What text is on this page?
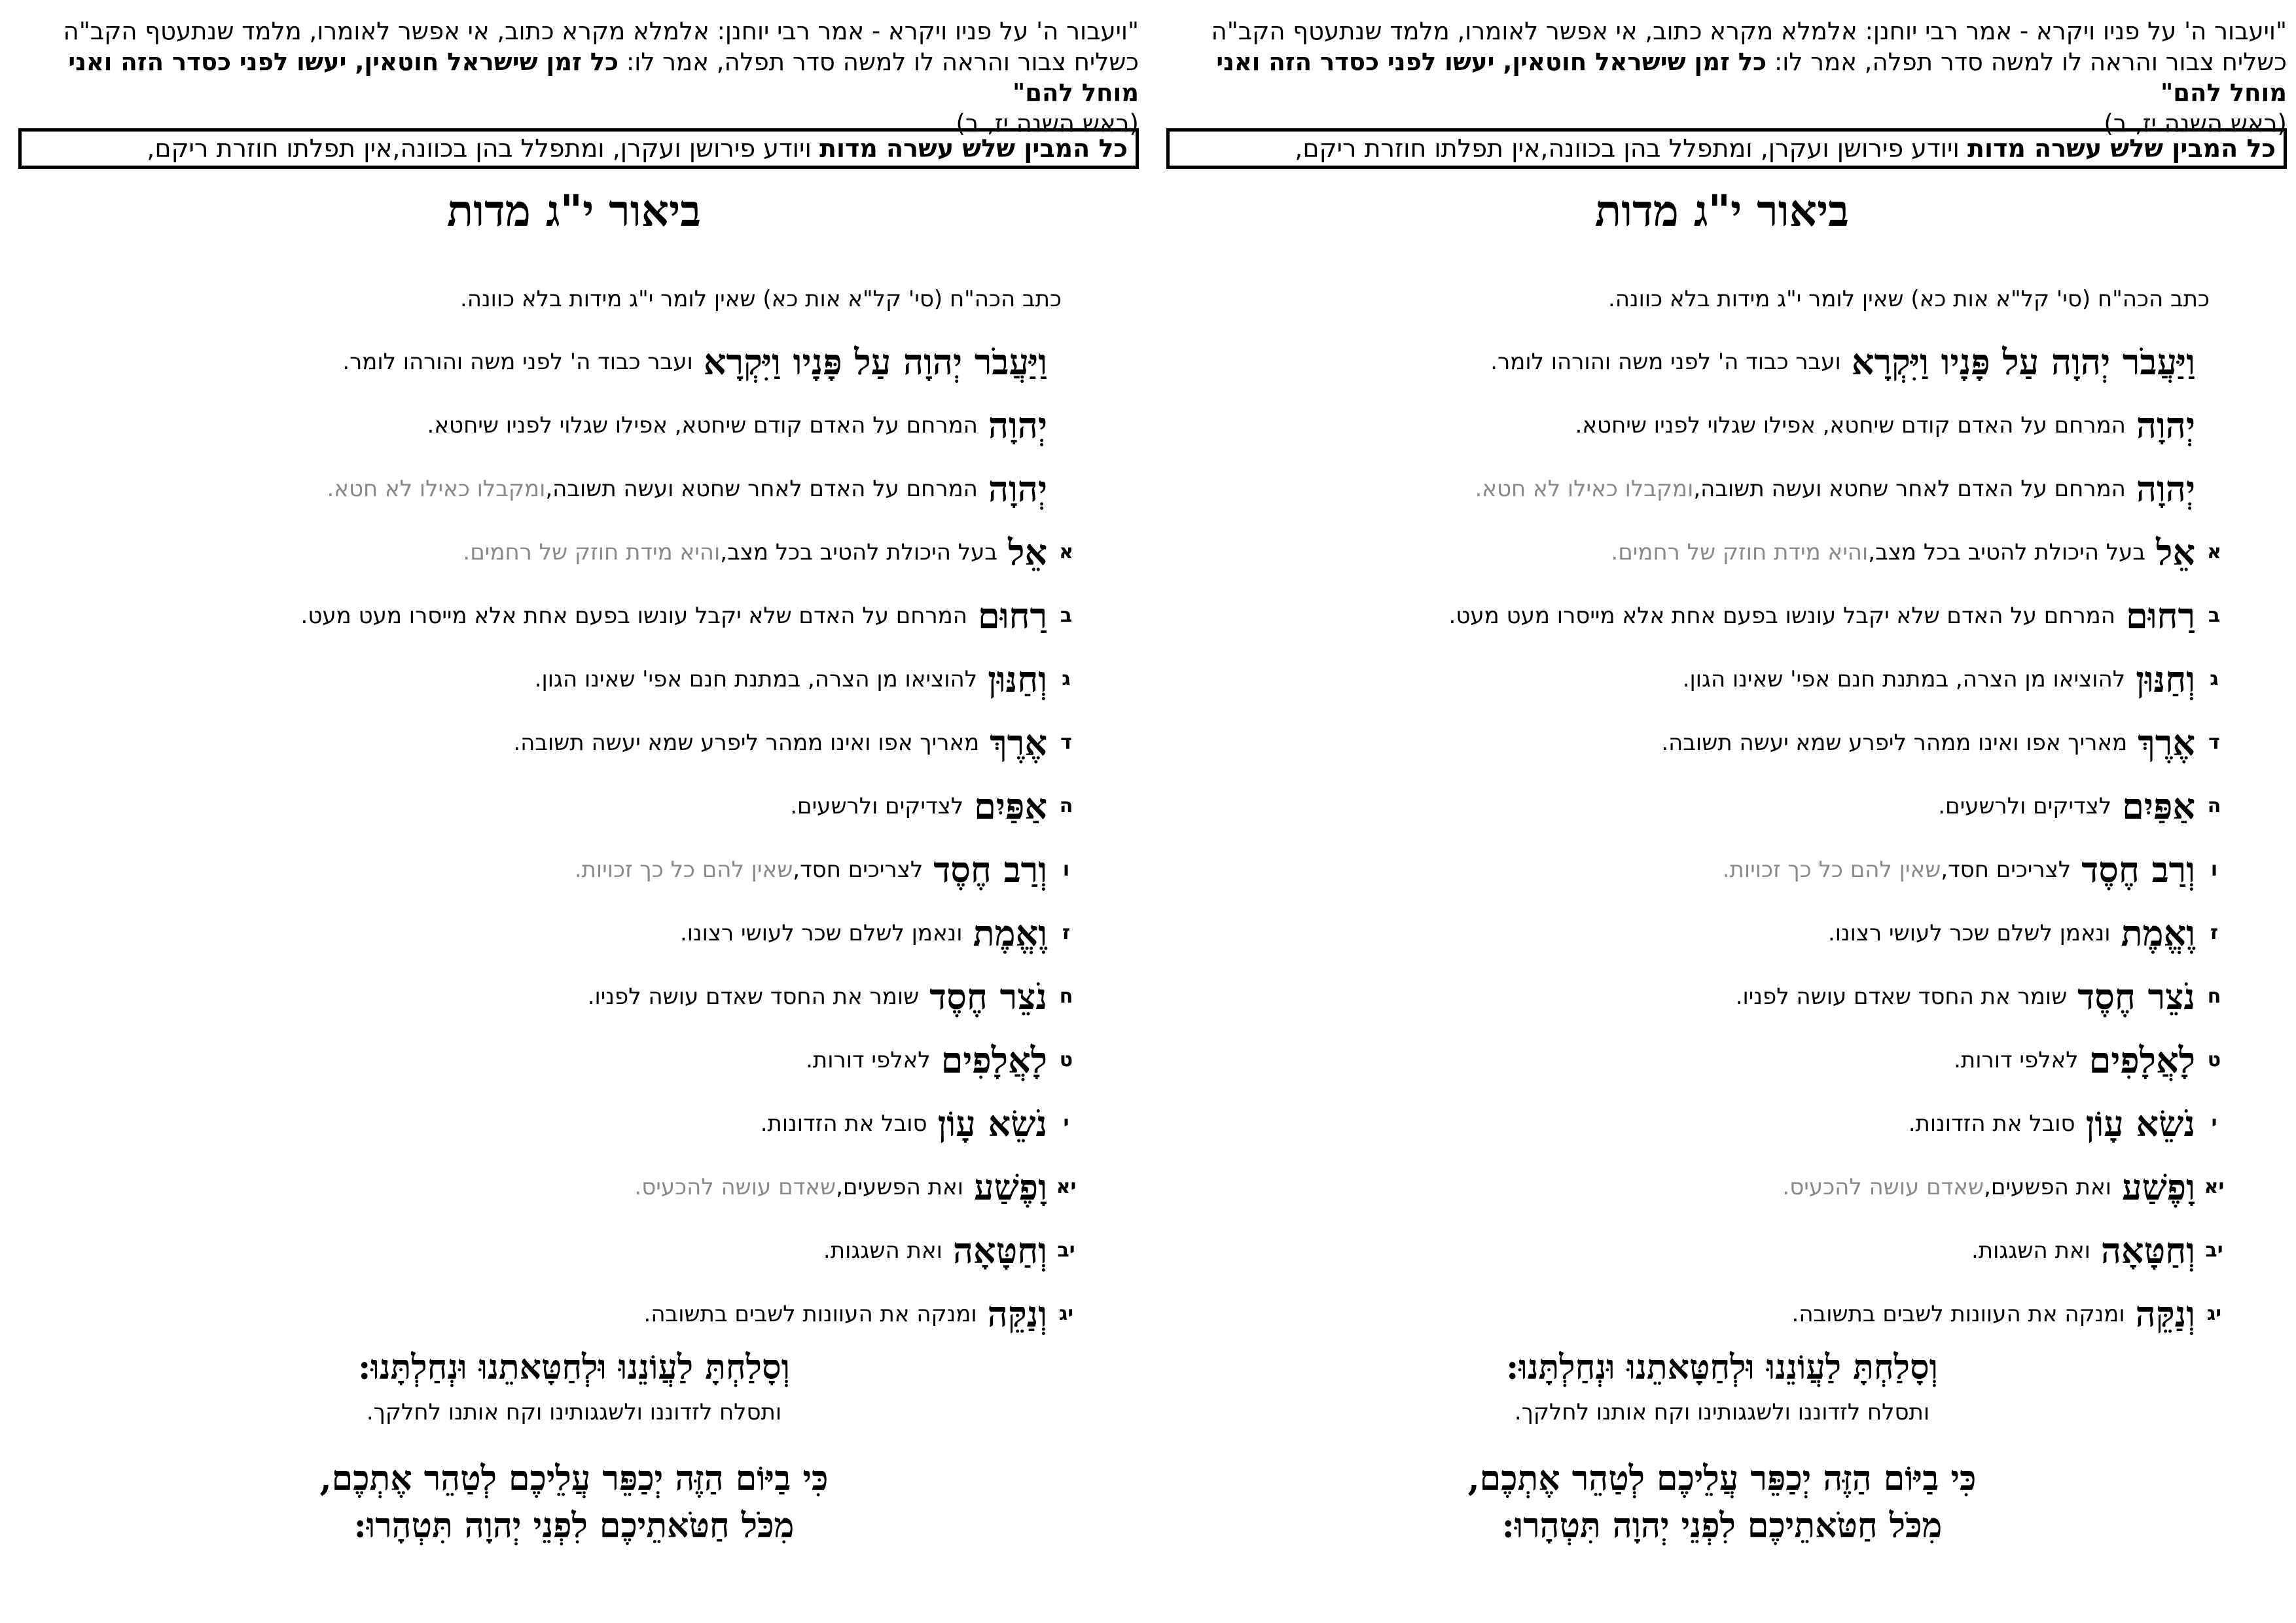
"ויעבור ה' על פניו ויקרא - אמר רבי יוחנן: אלמלא מקרא כתוב, אי אפשר לאומרו, מלמד שנתעטף הקב"ה כשליח צבור והראה לו למשה סדר תפלה, אמר לו: כל זמן שישראל חוטאין, יעשו לפני כסדר הזה ואני מוחל להם"
(ראש השנה יז, ב)
כל המבין שלש עשרה מדות ויודע פירושן ועקרן, ומתפלל בהן בכוונה,אין תפלתו חוזרת ריקם,
ביאור י"ג מדות
כתב הכה"ח (סי' קל"א אות כא) שאין לומר י"ג מידות בלא כוונה.
וַיַּעֲבֹר יְהוָה עַל פָּנָיו וַיִּקְרָא
ועבר כבוד ה' לפני משה והורהו לומר.
יְהוָה
המרחם על האדם קודם שיחטא, אפילו שגלוי לפניו שיחטא.
יְהוָה
המרחם על האדם לאחר שחטא ועשה תשובה,
ומקבלו כאילו לא חטא.
א
אֵל
בעל היכולת להטיב בכל מצב,
והיא מידת חוזק של רחמים.
ב
רַחוּם
המרחם על האדם שלא יקבל עונשו בפעם אחת אלא מייסרו מעט מעט.
ג
וְחַנּוּן
להוציאו מן הצרה, במתנת חנם אפי' שאינו הגון.
ד
אֶרֶךְ
מאריך אפו ואינו ממהר ליפרע שמא יעשה תשובה.
ה
אַפַּיִם
לצדיקים ולרשעים.
ו
וְרַב חֶסֶד
לצריכים חסד,
שאין להם כל כך זכויות.
ז
וֶאֱמֶת
ונאמן לשלם שכר לעושי רצונו.
ח
נֹצֵר חֶסֶד
שומר את החסד שאדם עושה לפניו.
ט
לָאֲלָפִים
לאלפי דורות.
י
נֹשֵׂא עָוֹן
סובל את הזדונות.
יא
וָפֶשַׁע
ואת הפשעים,
שאדם עושה להכעיס.
יב
וְחַטָּאָה
ואת השגגות.
יג
וְנַקֵּה
ומנקה את העוונות לשבים בתשובה.
וְסָלַחְתָּ לַעֲוֹנֵנוּ וּלְחַטָּאתֵנוּ וּנְחַלְתָּנוּ:
ותסלח לזדוננו ולשגגותינו וקח אותנו לחלקך.
כִּי בַיּוֹם הַזֶּה יְכַפֵּר עֲלֵיכֶם לְטַהֵר אֶתְכֶם,
מִכֹּל חַטֹּאתֵיכֶם לִפְנֵי יְהוָה תִּטְהָרוּ:
"ויעבור ה' על פניו ויקרא - אמר רבי יוחנן: אלמלא מקרא כתוב, אי אפשר לאומרו, מלמד שנתעטף הקב"ה כשליח צבור והראה לו למשה סדר תפלה, אמר לו: כל זמן שישראל חוטאין, יעשו לפני כסדר הזה ואני מוחל להם"
(ראש השנה יז, ב)
כל המבין שלש עשרה מדות ויודע פירושן ועקרן, ומתפלל בהן בכוונה,אין תפלתו חוזרת ריקם,
ביאור י"ג מדות
כתב הכה"ח (סי' קל"א אות כא) שאין לומר י"ג מידות בלא כוונה.
וַיַּעֲבֹר יְהוָה עַל פָּנָיו וַיִּקְרָא
ועבר כבוד ה' לפני משה והורהו לומר.
יְהוָה
המרחם על האדם קודם שיחטא, אפילו שגלוי לפניו שיחטא.
יְהוָה
המרחם על האדם לאחר שחטא ועשה תשובה,
ומקבלו כאילו לא חטא.
א
אֵל
בעל היכולת להטיב בכל מצב,
והיא מידת חוזק של רחמים.
ב
רַחוּם
המרחם על האדם שלא יקבל עונשו בפעם אחת אלא מייסרו מעט מעט.
ג
וְחַנּוּן
להוציאו מן הצרה, במתנת חנם אפי' שאינו הגון.
ד
אֶרֶךְ
מאריך אפו ואינו ממהר ליפרע שמא יעשה תשובה.
ה
אַפַּיִם
לצדיקים ולרשעים.
ו
וְרַב חֶסֶד
לצריכים חסד,
שאין להם כל כך זכויות.
ז
וֶאֱמֶת
ונאמן לשלם שכר לעושי רצונו.
ח
נֹצֵר חֶסֶד
שומר את החסד שאדם עושה לפניו.
ט
לָאֲלָפִים
לאלפי דורות.
י
נֹשֵׂא עָוֹן
סובל את הזדונות.
יא
וָפֶשַׁע
ואת הפשעים,
שאדם עושה להכעיס.
יב
וְחַטָּאָה
ואת השגגות.
יג
וְנַקֵּה
ומנקה את העוונות לשבים בתשובה.
וְסָלַחְתָּ לַעֲוֹנֵנוּ וּלְחַטָּאתֵנוּ וּנְחַלְתָּנוּ:
ותסלח לזדוננו ולשגגותינו וקח אותנו לחלקך.
כִּי בַיּוֹם הַזֶּה יְכַפֵּר עֲלֵיכֶם לְטַהֵר אֶתְכֶם,
מִכֹּל חַטֹּאתֵיכֶם לִפְנֵי יְהוָה תִּטְהָרוּ:
